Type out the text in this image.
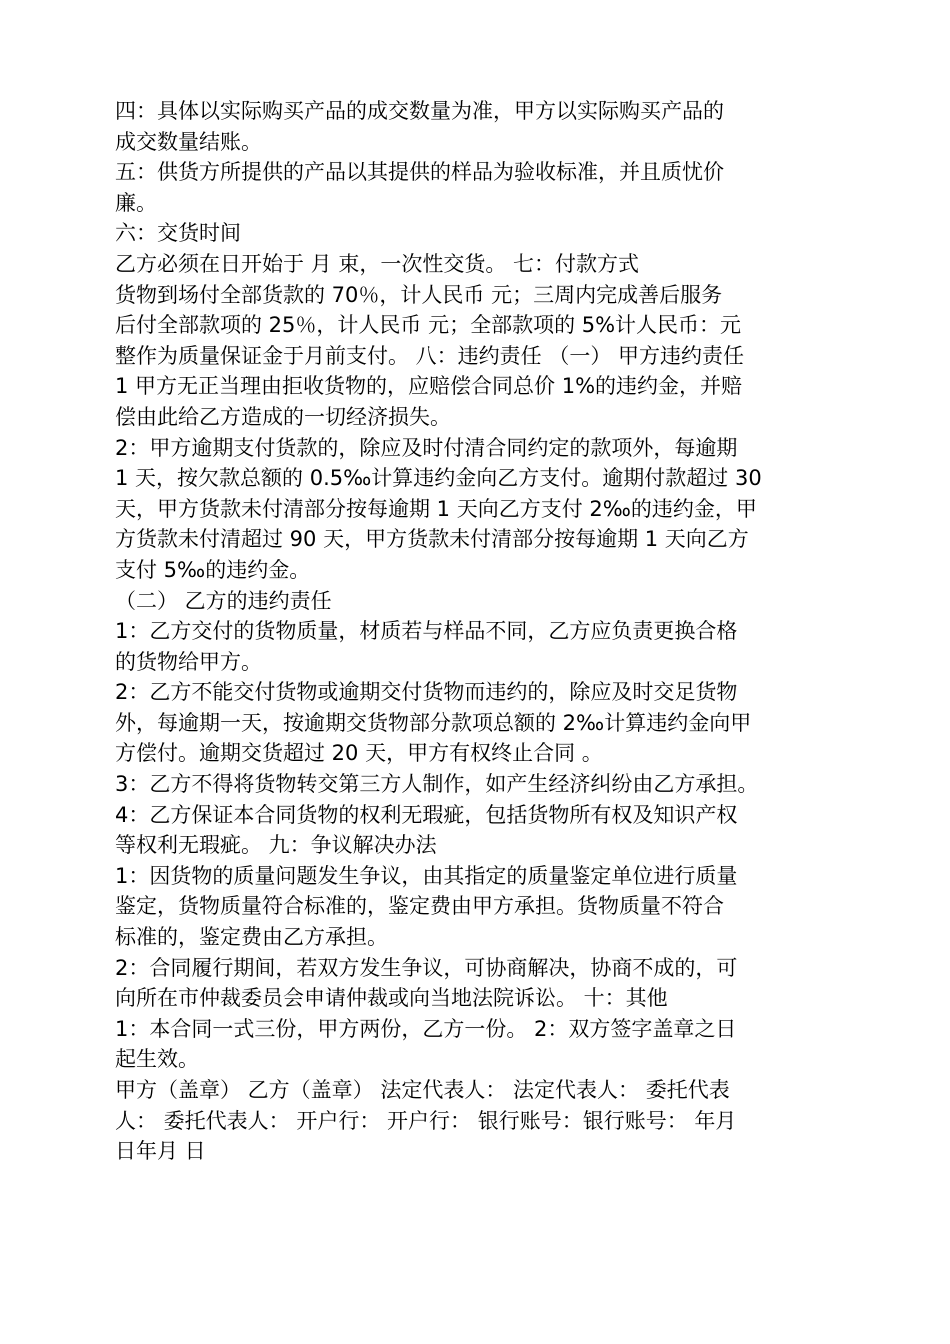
四：具体以实际购买产品的成交数量为准，甲方以实际购买产品的
成交数量结账。
五：供货方所提供的产品以其提供的样品为验收标准，并且质忧价
廉。
六：交货时间
乙方必须在日开始于 月 束，一次性交货。 七：付款方式
货物到场付全部货款的 70％，计人民币 元；三周内完成善后服务
后付全部款项的 25％，计人民币 元；全部款项的 5%计人民币：元
整作为质量保证金于月前支付。 八：违约责任 （一） 甲方违约责任
1 甲方无正当理由拒收货物的，应赔偿合同总价 1%的违约金，并赔
偿由此给乙方造成的一切经济损失。
2：甲方逾期支付货款的，除应及时付清合同约定的款项外，每逾期
1 天，按欠款总额的 0.5‰计算违约金向乙方支付。逾期付款超过 30
天，甲方货款未付清部分按每逾期 1 天向乙方支付 2‰的违约金，甲
方货款未付清超过 90 天，甲方货款未付清部分按每逾期 1 天向乙方
支付 5‰的违约金。
（二） 乙方的违约责任
1：乙方交付的货物质量，材质若与样品不同，乙方应负责更换合格
的货物给甲方。
2：乙方不能交付货物或逾期交付货物而违约的，除应及时交足货物
外，每逾期一天，按逾期交货物部分款项总额的 2‰计算违约金向甲
方偿付。逾期交货超过 20 天，甲方有权终止合同 。
3：乙方不得将货物转交第三方人制作，如产生经济纠纷由乙方承担。
4：乙方保证本合同货物的权利无瑕疵，包括货物所有权及知识产权
等权利无瑕疵。 九：争议解决办法
1：因货物的质量问题发生争议，由其指定的质量鉴定单位进行质量
鉴定，货物质量符合标准的，鉴定费由甲方承担。货物质量不符合
标准的，鉴定费由乙方承担。
2：合同履行期间，若双方发生争议，可协商解决，协商不成的，可
向所在市仲裁委员会申请仲裁或向当地法院诉讼。 十：其他
1：本合同一式三份，甲方两份，乙方一份。 2：双方签字盖章之日
起生效。
甲方（盖章） 乙方（盖章） 法定代表人： 法定代表人： 委托代表
人： 委托代表人： 开户行： 开户行： 银行账号：银行账号： 年月
日年月 日
